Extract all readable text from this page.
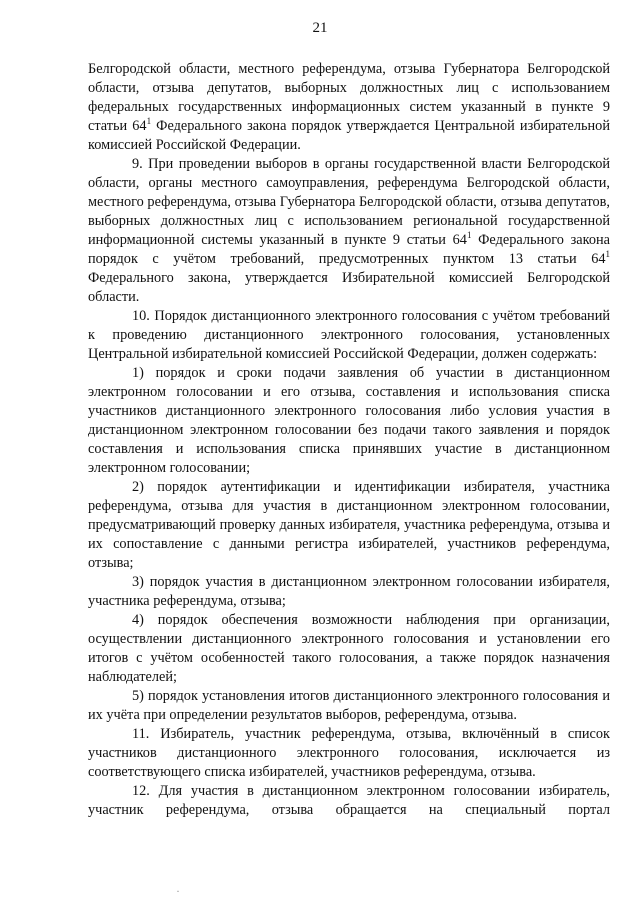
21

Белгородской области, местного референдума, отзыва Губернатора Белгородской области, отзыва депутатов, выборных должностных лиц с использованием федеральных государственных информационных систем указанный в пункте 9 статьи $64^1$ Федерального закона порядок утверждается Центральной избирательной комиссией Российской Федерации.

9. При проведении выборов в органы государственной власти Белгородской области, органы местного самоуправления, референдума Белгородской области, местного референдума, отзыва Губернатора Белгородской области, отзыва депутатов, выборных должностных лиц с использованием региональной государственной информационной системы указанный в пункте 9 статьи $64^1$ Федерального закона порядок с учётом требований, предусмотренных пунктом 13 статьи $64^1$ Федерального закона, утверждается Избирательной комиссией Белгородской области.

10. Порядок дистанционного электронного голосования с учётом требований к проведению дистанционного электронного голосования, установленных Центральной избирательной комиссией Российской Федерации, должен содержать:

1) порядок и сроки подачи заявления об участии в дистанционном электронном голосовании и его отзыва, составления и использования списка участников дистанционного электронного голосования либо условия участия в дистанционном электронном голосовании без подачи такого заявления и порядок составления и использования списка принявших участие в дистанционном электронном голосовании;

2) порядок аутентификации и идентификации избирателя, участника референдума, отзыва для участия в дистанционном электронном голосовании, предусматривающий проверку данных избирателя, участника референдума, отзыва и их сопоставление с данными регистра избирателей, участников референдума, отзыва;

3) порядок участия в дистанционном электронном голосовании избирателя, участника референдума, отзыва;

4) порядок обеспечения возможности наблюдения при организации, осуществлении дистанционного электронного голосования и установлении его итогов с учётом особенностей такого голосования, а также порядок назначения наблюдателей;

5) порядок установления итогов дистанционного электронного голосования и их учёта при определении результатов выборов, референдума, отзыва.

11. Избиратель, участник референдума, отзыва, включённый в список участников дистанционного электронного голосования, исключается из соответствующего списка избирателей, участников референдума, отзыва.

12. Для участия в дистанционном электронном голосовании избиратель, участник референдума, отзыва обращается на специальный портал

·
